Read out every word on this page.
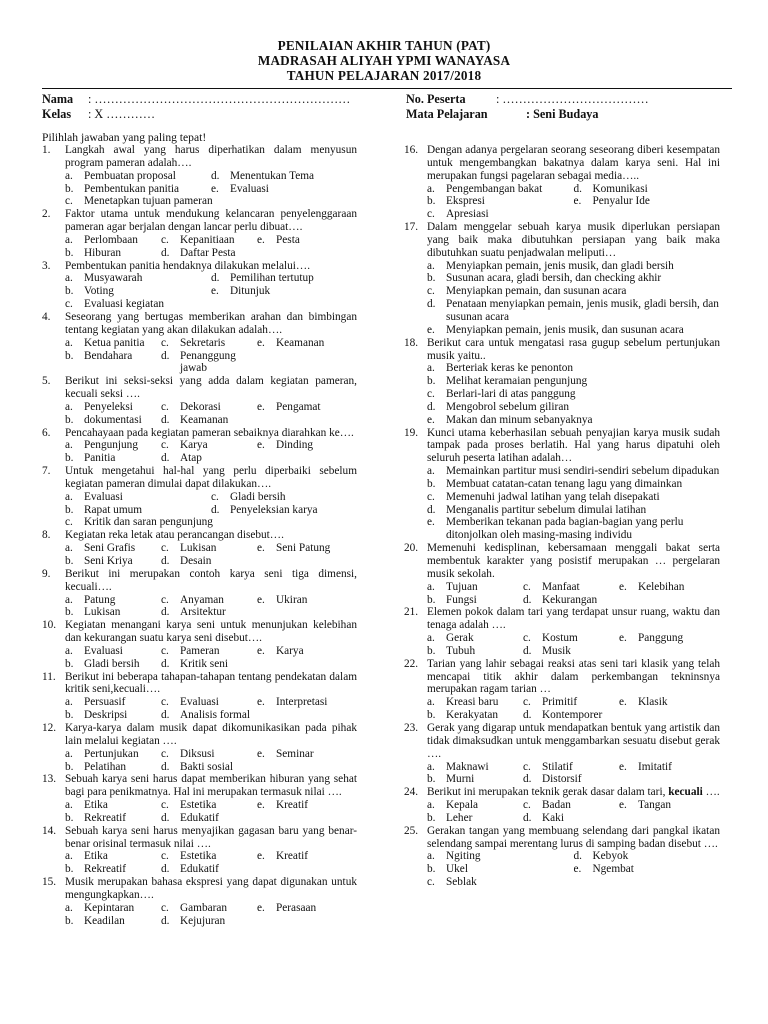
PENILAIAN AKHIR TAHUN (PAT)
MADRASAH ALIYAH YPMI WANAYASA
TAHUN PELAJARAN 2017/2018
Nama : ………………………………………………………
Kelas : X …………
No. Peserta : ………………………………
Mata Pelajaran	: Seni Budaya
Pilihlah jawaban yang paling tepat!
1.	Langkah awal yang harus diperhatikan dalam menyusun program pameran adalah….
a. Pembuatan proposal	d. Menentukan Tema
b. Pembentukan panitia	e. Evaluasi
c. Menetapkan tujuan pameran
2.	Faktor utama untuk mendukung kelancaran penyelenggaraan pameran agar berjalan dengan lancar perlu dibuat….
a. Perlombaan	c. Kepanitiaan	e. Pesta
b. Hiburan	d. Daftar Pesta
3.	Pembentukan panitia hendaknya dilakukan melalui….
a. Musyawarah	d. Pemilihan tertutup
b. Voting	e. Ditunjuk
c. Evaluasi kegiatan
4.	Seseorang yang bertugas memberikan arahan dan bimbingan tentang kegiatan yang akan dilakukan adalah….
a. Ketua panitia	c. Sekretaris	e. Keamanan
b. Bendahara	d. Penanggung jawab
5.	Berikut ini seksi-seksi yang adda dalam kegiatan pameran, kecuali seksi ….
a. Penyeleksi	c. Dekorasi	e. Pengamat
b. dokumentasi	d. Keamanan
6.	Pencahayaan pada kegiatan pameran sebaiknya diarahkan ke….
a. Pengunjung	c. Karya	e. Dinding
b. Panitia	d. Atap
7.	Untuk mengetahui hal-hal yang perlu diperbaiki sebelum kegiatan pameran dimulai dapat dilakukan….
a. Evaluasi	c. Gladi bersih
b. Rapat umum	d. Penyeleksian karya
c. Kritik dan saran pengunjung
8.	Kegiatan reka letak atau perancangan disebut….
a. Seni Grafis	c. Lukisan	e. Seni Patung
b. Seni Kriya	d. Desain
9.	Berikut ini merupakan contoh karya seni tiga dimensi, kecuali….
a. Patung	c. Anyaman	e. Ukiran
b. Lukisan	d. Arsitektur
10. Kegiatan menangani karya seni untuk menunjukan kelebihan dan kekurangan suatu karya seni disebut….
a. Evaluasi	c. Pameran	e. Karya
b. Gladi bersih	d. Kritik seni
11. Berikut ini beberapa tahapan-tahapan tentang pendekatan dalam kritik seni,kecuali….
a. Persuasif	c. Evaluasi	e. Interpretasi
b. Deskripsi	d. Analisis formal
12. Karya-karya dalam musik dapat dikomunikasikan pada pihak lain melalui kegiatan ….
a. Pertunjukan	c. Diksusi	e. Seminar
b. Pelatihan	d. Bakti sosial
13. Sebuah karya seni harus dapat memberikan hiburan yang sehat bagi para penikmatnya. Hal ini merupakan termasuk nilai ….
a. Etika	c. Estetika	e. Kreatif
b. Rekreatif	d. Edukatif
14. Sebuah karya seni harus menyajikan gagasan baru yang benar-benar orisinal termasuk nilai ….
a. Etika	c. Estetika	e. Kreatif
b. Rekreatif	d. Edukatif
15. Musik merupakan bahasa ekspresi yang dapat digunakan untuk mengungkapkan….
a. Kepintaran	c. Gambaran	e. Perasaan
b. Keadilan	d. Kejujuran
16. Dengan adanya pergelaran seorang seseorang diberi kesempatan untuk mengembangkan bakatnya dalam karya seni. Hal ini merupakan fungsi pagelaran sebagai media…..
a. Pengembangan bakat	d. Komunikasi
b. Ekspresi	e. Penyalur Ide
c. Apresiasi
17. Dalam menggelar sebuah karya musik diperlukan persiapan yang baik maka dibutuhkan persiapan yang baik maka dibutuhkan suatu penjadwalan meliputi…
a. Menyiapkan pemain, jenis musik, dan gladi bersih
b. Susunan acara, gladi bersih, dan checking akhir
c. Menyiapkan pemain, dan susunan acara
d. Penataan menyiapkan pemain, jenis musik, gladi bersih, dan susunan acara
e. Menyiapkan pemain, jenis musik, dan susunan acara
18. Berikut cara untuk mengatasi rasa gugup sebelum pertunjukan musik yaitu..
a. Berteriak keras ke penonton
b. Melihat keramaian pengunjung
c. Berlari-lari di atas panggung
d. Mengobrol sebelum giliran
e. Makan dan minum sebanyaknya
19. Kunci utama keberhasilan sebuah penyajian karya musik sudah tampak pada proses berlatih. Hal yang harus dipatuhi oleh seluruh peserta latihan adalah…
a. Memainkan partitur musi sendiri-sendiri sebelum dipadukan
b. Membuat catatan-catan tenang lagu yang dimainkan
c. Memenuhi jadwal latihan yang telah disepakati
d. Menganalis partitur sebelum dimulai latihan
e. Memberikan tekanan pada bagian-bagian yang perlu ditonjolkan oleh masing-masing individu
20. Memenuhi kedisplinan, kebersamaan menggali bakat serta membentuk karakter yang posistif merupakan … pergelaran musik sekolah.
a. Tujuan	c. Manfaat	e. Kelebihan
b. Fungsi	d. Kekurangan
21. Elemen pokok dalam tari yang terdapat unsur ruang, waktu dan tenaga adalah ….
a. Gerak	c. Kostum	e. Panggung
b. Tubuh	d. Musik
22. Tarian yang lahir sebagai reaksi atas seni tari klasik yang telah mencapai titik akhir dalam perkembangan tekninsnya merupakan ragam tarian …
a. Kreasi baru	c. Primitif	e. Klasik
b. Kerakyatan	d. Kontemporer
23. Gerak yang digarap untuk mendapatkan bentuk yang artistik dan tidak dimaksudkan untuk menggambarkan sesuatu disebut gerak ….
a. Maknawi	c. Stilatif	e. Imitatif
b. Murni	d. Distorsif
24. Berikut ini merupakan teknik gerak dasar dalam tari, kecuali ….
a. Kepala	c. Badan	e. Tangan
b. Leher	d. Kaki
25. Gerakan tangan yang membuang selendang dari pangkal ikatan selendang sampai merentang lurus di samping badan disebut ….
a. Ngiting	d. Kebyok
b. Ukel	e. Ngembat
c. Seblak
